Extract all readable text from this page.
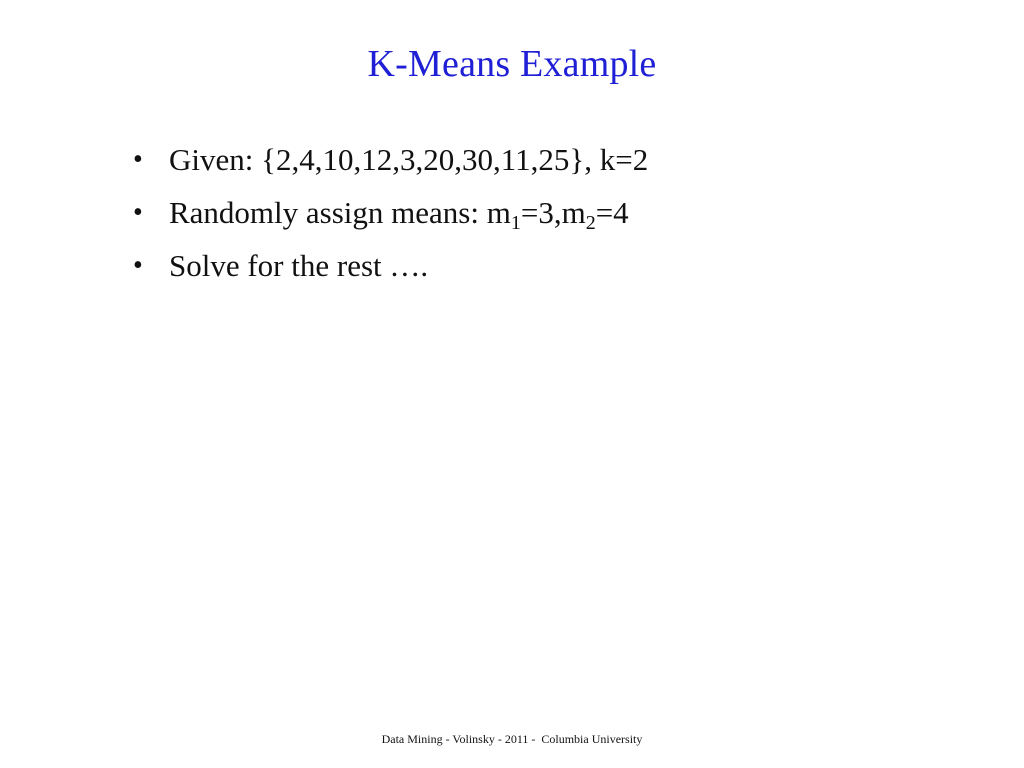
K-Means Example
• Given: {2,4,10,12,3,20,30,11,25}, k=2
• Randomly assign means: $m_1=3,m_2=4$
• Solve for the rest ….
Data Mining - Volinsky - 2011 -  Columbia University
